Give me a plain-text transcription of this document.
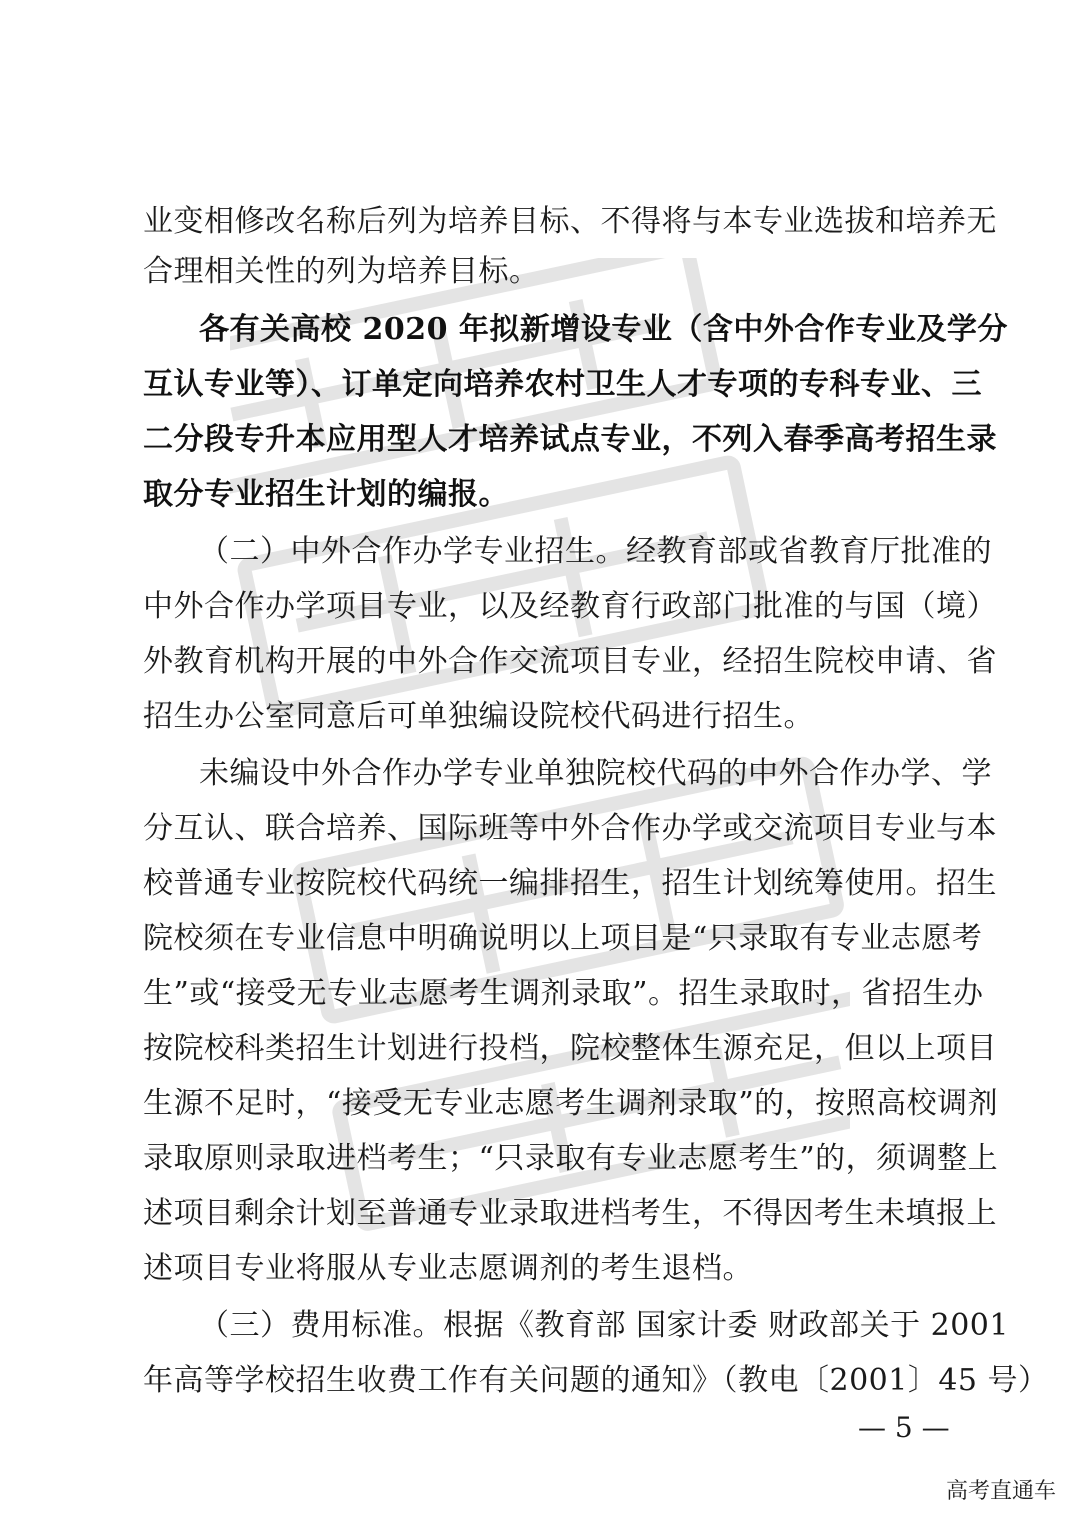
业变相修改名称后列为培养目标、不得将与本专业选拔和培养无
合理相关性的列为培养目标。
各有关高校 2020 年拟新增设专业（含中外合作专业及学分
互认专业等）、订单定向培养农村卫生人才专项的专科专业、三
二分段专升本应用型人才培养试点专业，不列入春季高考招生录
取分专业招生计划的编报。
（二）中外合作办学专业招生。经教育部或省教育厅批准的
中外合作办学项目专业，以及经教育行政部门批准的与国（境）
外教育机构开展的中外合作交流项目专业，经招生院校申请、省
招生办公室同意后可单独编设院校代码进行招生。
未编设中外合作办学专业单独院校代码的中外合作办学、学
分互认、联合培养、国际班等中外合作办学或交流项目专业与本
校普通专业按院校代码统一编排招生，招生计划统筹使用。招生
院校须在专业信息中明确说明以上项目是“只录取有专业志愿考
生”或“接受无专业志愿考生调剂录取”。招生录取时，省招生办
按院校科类招生计划进行投档，院校整体生源充足，但以上项目
生源不足时，“接受无专业志愿考生调剂录取”的，按照高校调剂
录取原则录取进档考生；“只录取有专业志愿考生”的，须调整上
述项目剩余计划至普通专业录取进档考生，不得因考生未填报上
述项目专业将服从专业志愿调剂的考生退档。
（三）费用标准。根据《教育部 国家计委 财政部关于 2001
年高等学校招生收费工作有关问题的通知》（教电〔2001〕45 号）
— 5 —
高考直通车
